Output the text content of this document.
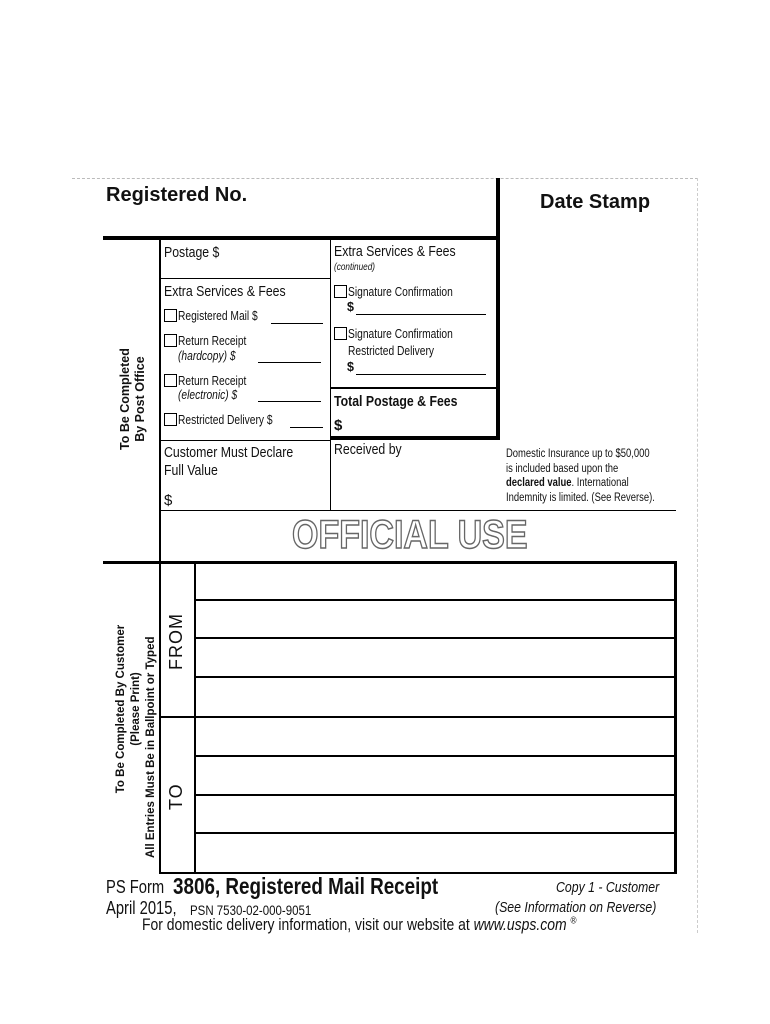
Registered No.	Date Stamp
To Be Completed By Post Office
Postage $
Extra Services & Fees
Registered Mail $
Return Receipt
(hardcopy) $
Return Receipt
(electronic) $
Restricted Delivery $
Extra Services & Fees
(continued)
Signature Confirmation
$
Signature Confirmation
Restricted Delivery
$
Total Postage & Fees
$
Customer Must Declare
Full Value
$
Received by	Domestic Insurance up to $50,000
is included based upon the
declared value. International
Indemnity is limited. (See Reverse).
OFFICIAL USE
FROM
TO
To Be Completed By Customer (Please Print) All Entries Must Be in Ballpoint or Typed
PS Form 3806, Registered Mail Receipt	Copy 1 - Customer
April 2015, PSN 7530-02-000-9051	(See Information on Reverse)
For domestic delivery information, visit our website at www.usps.com ®
